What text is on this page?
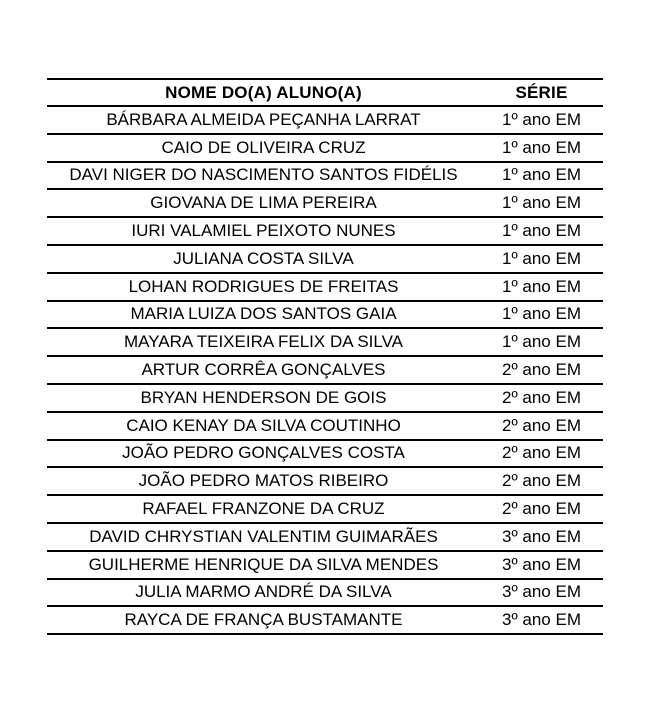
NOME DO(A) ALUNO(A)	SÉRIE
BÁRBARA ALMEIDA PEÇANHA LARRAT	1º ano EM
CAIO DE OLIVEIRA CRUZ	1º ano EM
DAVI NIGER DO NASCIMENTO SANTOS FIDÉLIS	1º ano EM
GIOVANA DE LIMA PEREIRA	1º ano EM
IURI VALAMIEL PEIXOTO NUNES	1º ano EM
JULIANA COSTA SILVA	1º ano EM
LOHAN RODRIGUES DE FREITAS	1º ano EM
MARIA LUIZA DOS SANTOS GAIA	1º ano EM
MAYARA TEIXEIRA FELIX DA SILVA	1º ano EM
ARTUR CORRÊA GONÇALVES	2º ano EM
BRYAN HENDERSON DE GOIS	2º ano EM
CAIO KENAY DA SILVA COUTINHO	2º ano EM
JOÃO PEDRO GONÇALVES COSTA	2º ano EM
JOÃO PEDRO MATOS RIBEIRO	2º ano EM
RAFAEL FRANZONE DA CRUZ	2º ano EM
DAVID CHRYSTIAN VALENTIM GUIMARÃES	3º ano EM
GUILHERME HENRIQUE DA SILVA MENDES	3º ano EM
JULIA MARMO ANDRÉ DA SILVA	3º ano EM
RAYCA DE FRANÇA BUSTAMANTE	3º ano EM
